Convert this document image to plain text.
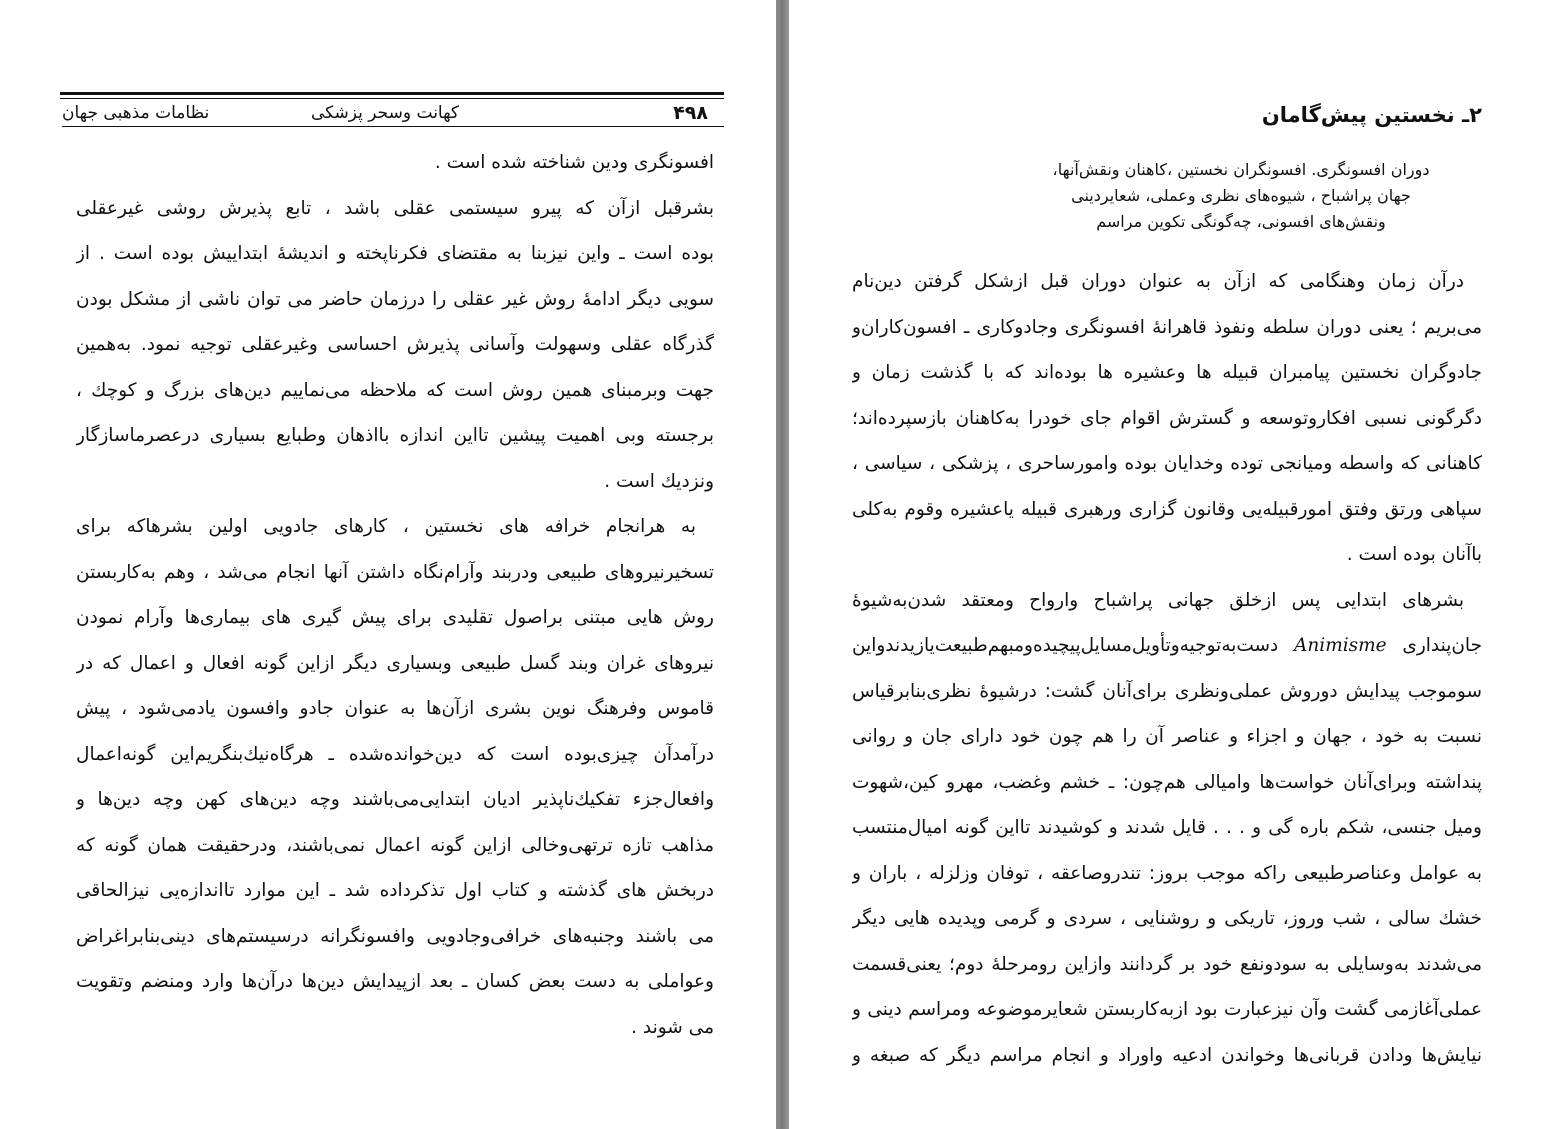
۴۹۸
کهانت وسحر پزشکی
نظامات مذهبی جهان
افسونگری ودین شناخته شده است .
بشرقبل ازآن که پیرو سیستمی عقلی باشد ، تابع پذیرش روشی غیرعقلی
بوده است ـ واین نیزبنا به مقتضای فکرناپخته و اندیشهٔ ابتداییش بوده است . از
سویی دیگر ادامهٔ روش غیر عقلی را درزمان حاضر می توان ناشی از مشکل بودن
گذرگاه عقلی وسهولت وآسانی پذیرش احساسی وغیرعقلی توجیه نمود. به‌همین
جهت وبرمبنای همین روش است که ملاحظه می‌نماییم دین‌های بزرگ و کوچك ،
برجسته وبی اهمیت پیشین تااین اندازه بااذهان وطبایع بسیاری درعصرماسازگار
ونزدیك است .
به هرانجام خرافه های نخستین ، کارهای جادویی اولین بشرهاکه برای
تسخیرنیروهای طبیعی ودربند وآرام‌نگاه داشتن آنها انجام می‌شد ، وهم به‌کاربستن
روش هایی مبتنی براصول تقلیدی برای پیش گیری های بیماری‌ها وآرام نمودن
نیروهای غران وبند گسل طبیعی وبسیاری دیگر ازاین گونه افعال و اعمال که در
قاموس وفرهنگ نوین بشری ازآن‌ها به عنوان جادو وافسون یادمی‌شود ، پیش
درآمدآن چیزی‌بوده است که دین‌خوانده‌شده ـ هرگاه‌نیك‌بنگریم‌این گونه‌اعمال
وافعال‌جزء تفکیك‌ناپذیر ادیان ابتدایی‌می‌باشند وچه دین‌های کهن وچه دین‌ها و
مذاهب تازه ترتهی‌وخالی ازاین گونه اعمال نمی‌باشند، ودرحقیقت همان گونه که
دربخش های گذشته و کتاب اول تذکرداده شد ـ این موارد تااندازه‌یی نیزالحاقی
می باشند وجنبه‌های خرافی‌وجادویی وافسونگرانه درسیستم‌های دینی‌بنابراغراض
وعواملی به دست بعض کسان ـ بعد ازپیدایش دین‌ها درآن‌ها وارد ومنضم وتقویت
می شوند .
۲ـ نخستین پیش‌گامان
دوران افسونگری. افسونگران نخستین ،کاهنان ونقش‌آنها،
جهان پراشباح ، شیوه‌های نظری وعملی، شعایردینی
ونقش‌های افسونی، چه‌گونگی تکوین مراسم
درآن زمان وهنگامی که ازآن به عنوان دوران قبل ازشکل گرفتن دین‌نام
می‌بریم ؛ یعنی دوران سلطه ونفوذ قاهرانهٔ افسونگری وجادوکاری ـ افسون‌کاران‌و
جادوگران نخستین پیامبران قبیله ها وعشیره ها بوده‌اند که با گذشت زمان و
دگرگونی نسبی افکاروتوسعه و گسترش اقوام جای خودرا به‌کاهنان بازسپرده‌اند؛
کاهنانی که واسطه ومیانجی توده وخدایان بوده وامورساحری ، پزشکی ، سیاسی ،
سپاهی ورتق وفتق امورقبیله‌یی وقانون گزاری ورهبری قبیله یاعشیره وقوم به‌کلی
باآنان بوده است .
بشرهای ابتدایی پس ازخلق جهانی پراشباح وارواح ومعتقد شدن‌به‌شیوهٔ
جان‌پنداری Animisme دست‌به‌توجیه‌وتأویل‌مسایل‌پیچیده‌ومبهم‌طبیعت‌یازیدندواین
سوموجب پیدایش دوروش عملی‌ونظری برای‌آنان گشت: درشیوهٔ نظری‌بنابرقیاس
نسبت به خود ، جهان و اجزاء و عناصر آن را هم چون خود دارای جان و روانی
پنداشته وبرای‌آنان خواست‌ها وامیالی هم‌چون: ـ خشم وغضب، مهرو کین،شهوت
ومیل جنسی، شکم باره گی و . . . قایل شدند و کوشیدند تااین گونه امیال‌منتسب
به عوامل وعناصرطبیعی راکه موجب بروز: تندروصاعقه ، توفان وزلزله ، باران و
خشك سالی ، شب وروز، تاریکی و روشنایی ، سردی و گرمی وپدیده هایی دیگر
می‌شدند به‌وسایلی به سودونفع خود بر گردانند وازاین رومرحلهٔ دوم؛ یعنی‌قسمت
عملی‌آغازمی گشت وآن نیزعبارت بود ازبه‌کاربستن شعایرموضوعه ومراسم دینی و
نیایش‌ها ودادن قربانی‌ها وخواندن ادعیه واوراد و انجام مراسم دیگر که صبغه و
